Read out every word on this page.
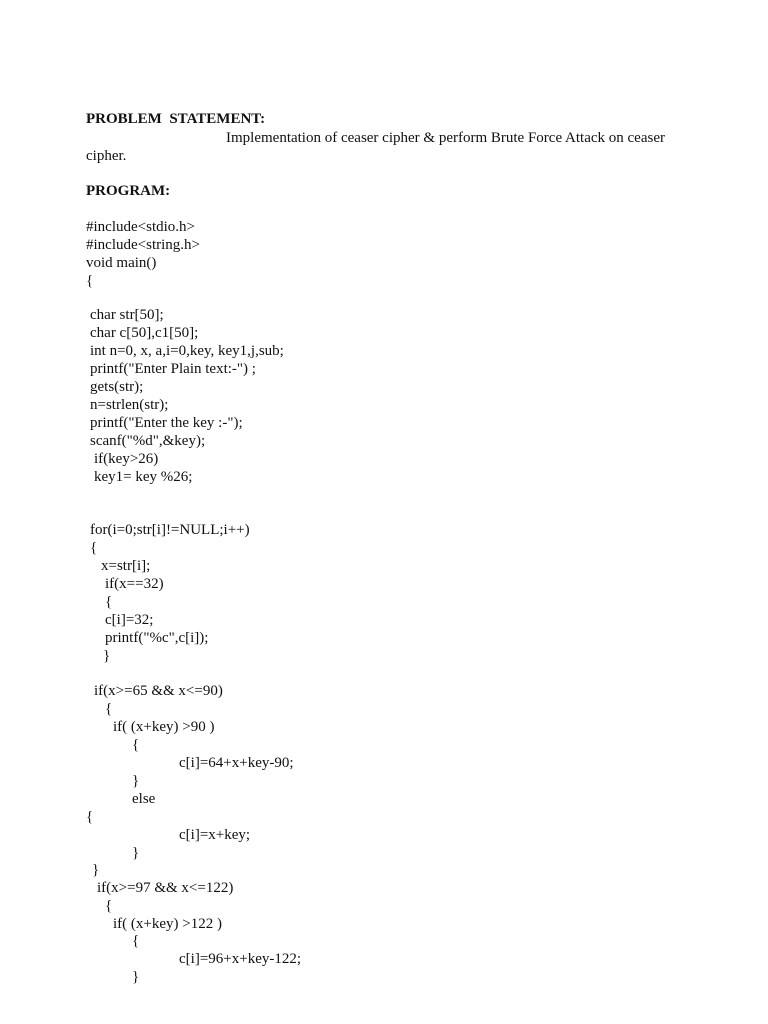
PROBLEM  STATEMENT:
Implementation of ceaser cipher & perform Brute Force Attack on ceaser
cipher.
PROGRAM:
#include<stdio.h>
#include<string.h>
void main()
{
char str[50];
char c[50],c1[50];
int n=0, x, a,i=0,key, key1,j,sub;
printf("Enter Plain text:-") ;
gets(str);
n=strlen(str);
printf("Enter the key :-");
scanf("%d",&key);
if(key>26)
key1= key %26;
for(i=0;str[i]!=NULL;i++)
{
x=str[i];
if(x==32)
{
c[i]=32;
printf("%c",c[i]);
}
if(x>=65 && x<=90)
{
if( (x+key) >90 )
{
c[i]=64+x+key-90;
}
else
{
c[i]=x+key;
}
}
if(x>=97 && x<=122)
{
if( (x+key) >122 )
{
c[i]=96+x+key-122;
}
